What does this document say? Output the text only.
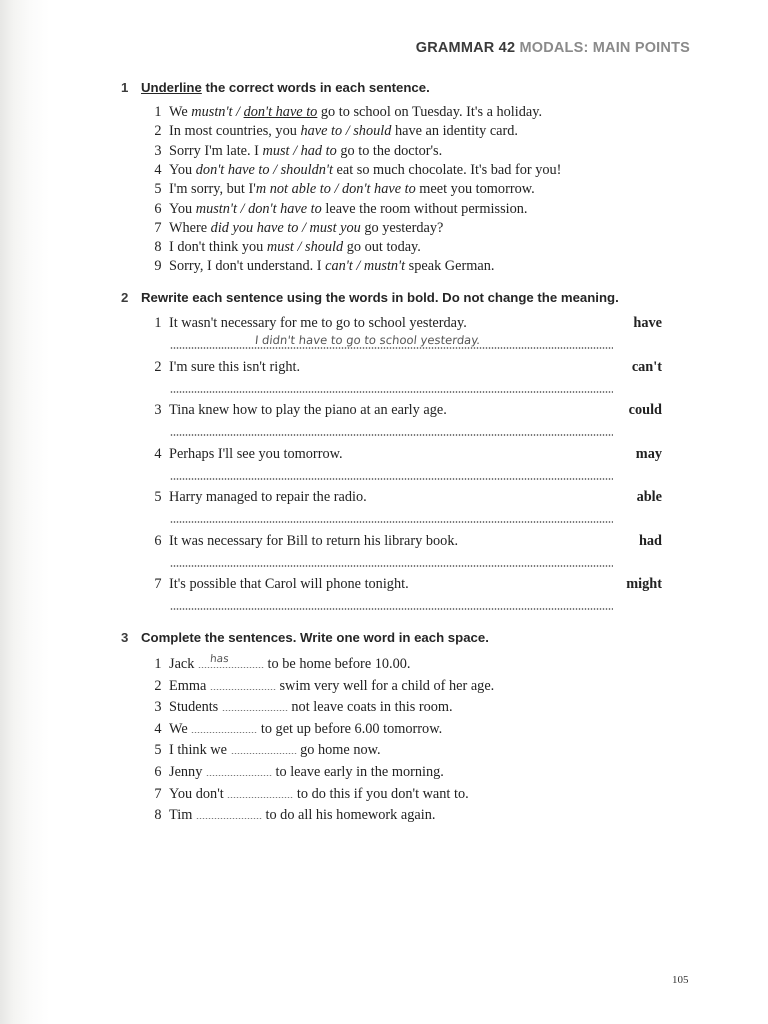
GRAMMAR 42 MODALS: MAIN POINTS
1 Underline the correct words in each sentence.
1 We mustn't / don't have to go to school on Tuesday. It's a holiday.
2 In most countries, you have to / should have an identity card.
3 Sorry I'm late. I must / had to go to the doctor's.
4 You don't have to / shouldn't eat so much chocolate. It's bad for you!
5 I'm sorry, but I'm not able to / don't have to meet you tomorrow.
6 You mustn't / don't have to leave the room without permission.
7 Where did you have to / must you go yesterday?
8 I don't think you must / should go out today.
9 Sorry, I don't understand. I can't / mustn't speak German.
2 Rewrite each sentence using the words in bold. Do not change the meaning.
1 It wasn't necessary for me to go to school yesterday.	have
I didn't have to go to school yesterday.
2 I'm sure this isn't right.	can't
3 Tina knew how to play the piano at an early age.	could
4 Perhaps I'll see you tomorrow.	may
5 Harry managed to repair the radio.	able
6 It was necessary for Bill to return his library book.	had
7 It's possible that Carol will phone tonight.	might
3 Complete the sentences. Write one word in each space.
1 Jack has to be home before 10.00.
2 Emma	swim very well for a child of her age.
3 Students	not leave coats in this room.
4 We	to get up before 6.00 tomorrow.
5 I think we	go home now.
6 Jenny	to leave early in the morning.
7 You don't	to do this if you don't want to.
8 Tim	to do all his homework again.
105
